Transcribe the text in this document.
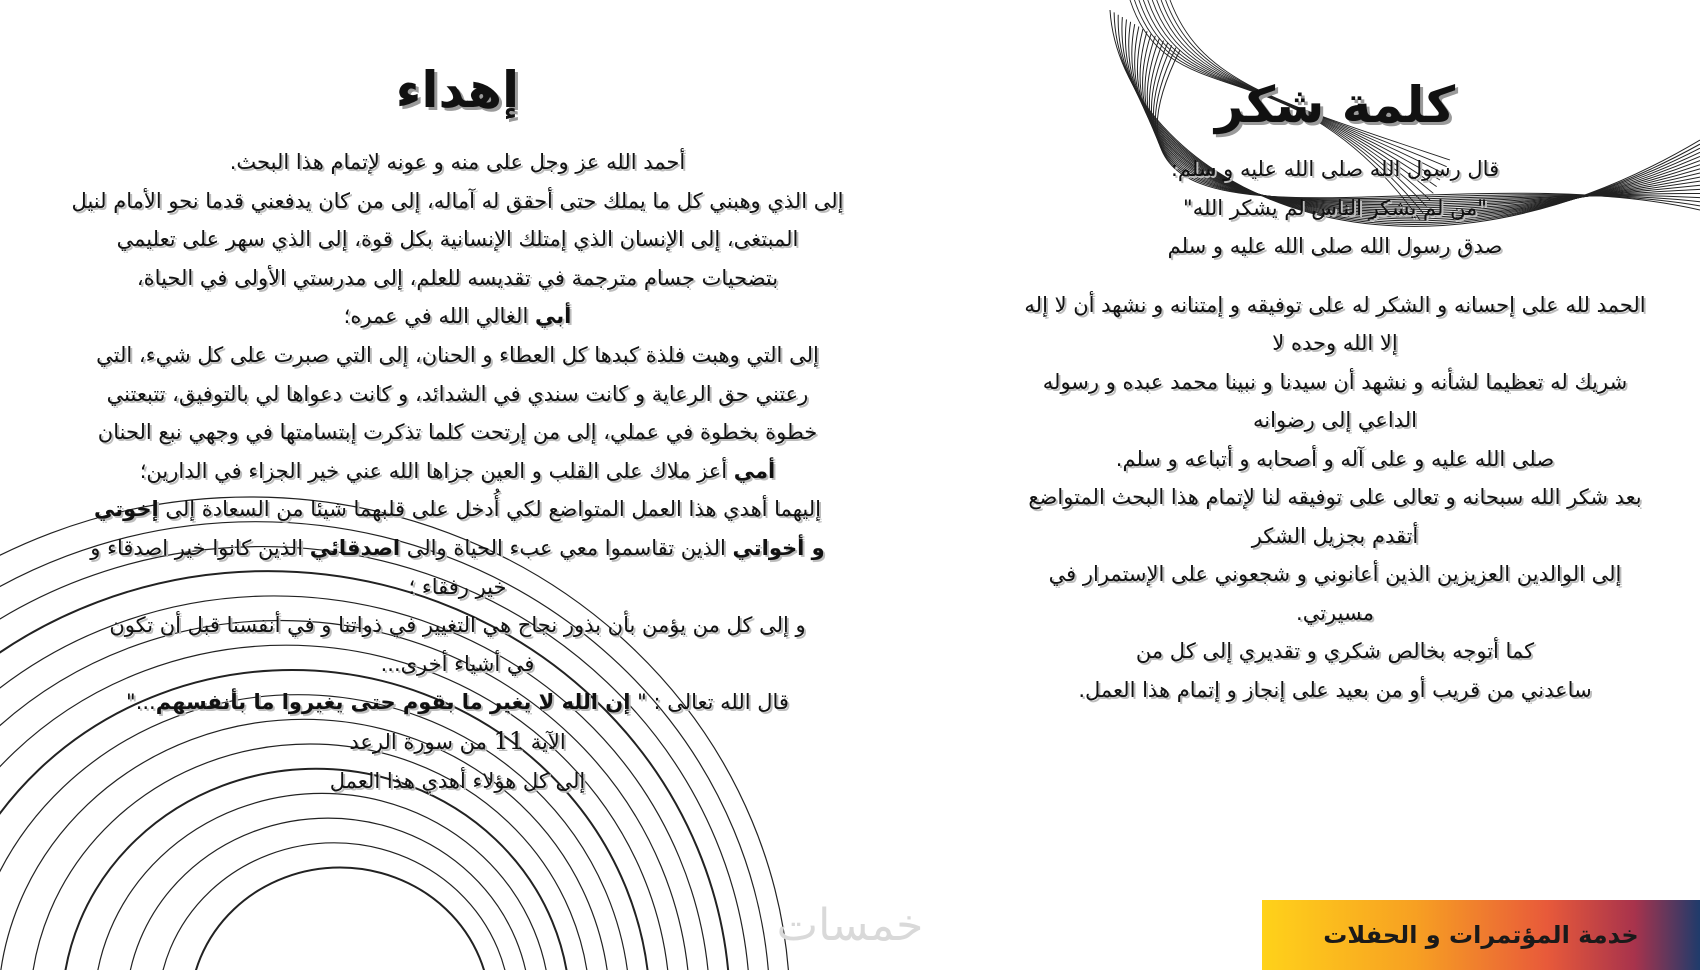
إهداء
أحمد الله عز وجل على منه و عونه لإتمام هذا البحث.
إلى الذي وهبني كل ما يملك حتى أحقق له آماله، إلى من كان يدفعني قدما نحو الأمام لنيل
المبتغى، إلى الإنسان الذي إمتلك الإنسانية بكل قوة، إلى الذي سهر على تعليمي
بتضحيات جسام مترجمة في تقديسه للعلم، إلى مدرستي الأولى في الحياة،
أبي الغالي الله في عمره؛
إلى التي وهبت فلذة كبدها كل العطاء و الحنان، إلى التي صبرت على كل شيء، التي
رعتني حق الرعاية و كانت سندي في الشدائد، و كانت دعواها لي بالتوفيق، تتبعتني
خطوة بخطوة في عملي، إلى من إرتحت كلما تذكرت إبتسامتها في وجهي نبع الحنان
أمي أعز ملاك على القلب و العين جزاها الله عني خير الجزاء في الدارين؛
إليهما أهدي هذا العمل المتواضع لكي أُدخل على قلبهما شيئا من السعادة إلى إخوتي
و أخواتي الذين تقاسموا معي عبء الحياة والى اصدقائي الذين كانوا خير اصدقاء و
خير رفقاء ؛
و إلى كل من يؤمن بأن بذور نجاح هي التغيير في ذواتنا و في أنفسنا قبل أن تكون
في أشياء أخرى...
قال الله تعالى : " إن الله لا يغير ما بقوم حتى يغيروا ما بأنفسهم..."
الآية 11 من سورة الرعد
إلى كل هؤلاء أهدي هذا العمل
كلمة شكر
قال رسول الله صلى الله عليه و سلم:
"من لم يشكر الناس لم يشكر الله"
صدق رسول الله صلى الله عليه و سلم
الحمد لله على إحسانه و الشكر له على توفيقه و إمتنانه و نشهد أن لا إله
إلا الله وحده لا
شريك له تعظيما لشأنه و نشهد أن سيدنا و نبينا محمد عبده و رسوله
الداعي إلى رضوانه
صلى الله عليه و على آله و أصحابه و أتباعه و سلم.
بعد شكر الله سبحانه و تعالى على توفيقه لنا لإتمام هذا البحث المتواضع
أتقدم بجزيل الشكر
إلى الوالدين العزيزين الذين أعانوني و شجعوني على الإستمرار في
مسيرتي.
كما أتوجه بخالص شكري و تقديري إلى كل من
ساعدني من قريب أو من بعيد على إنجاز و إتمام هذا العمل.
خدمة المؤتمرات و الحفلات
خمسات
